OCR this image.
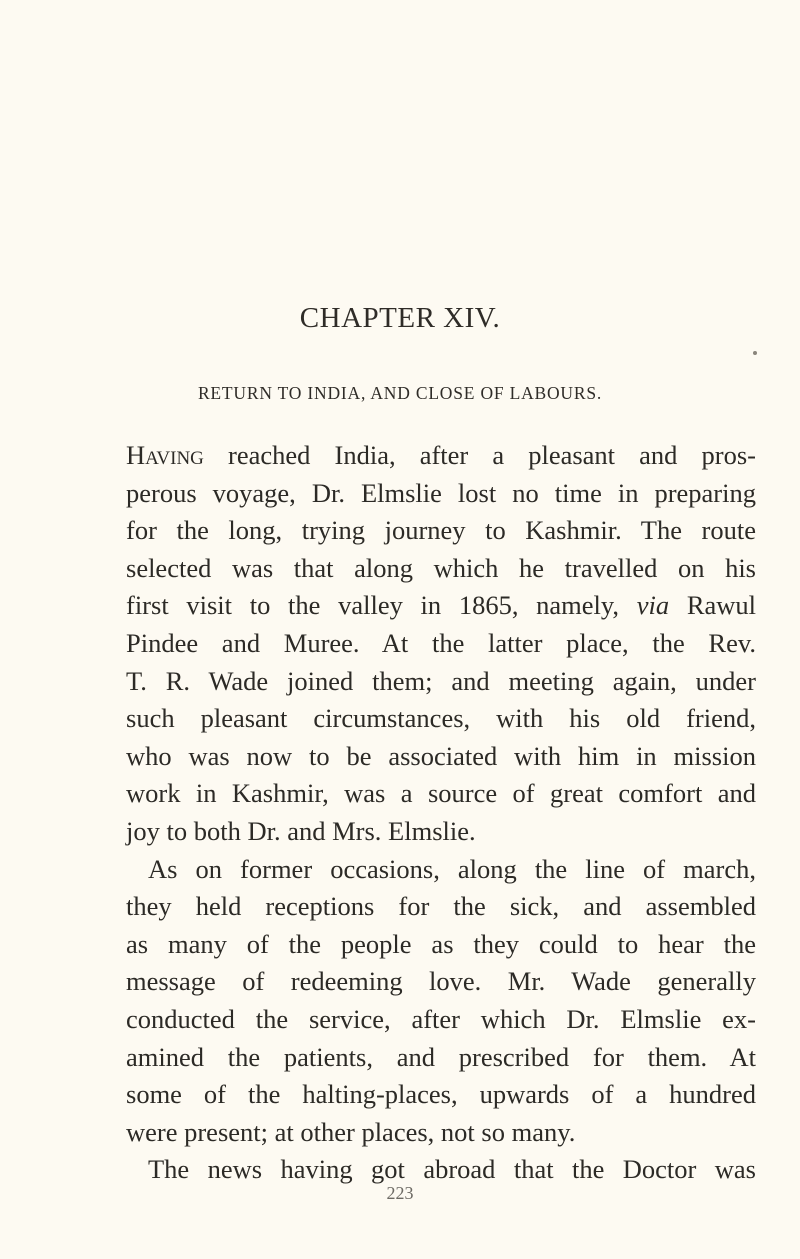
CHAPTER XIV.
RETURN TO INDIA, AND CLOSE OF LABOURS.
Having reached India, after a pleasant and pros-
perous voyage, Dr. Elmslie lost no time in preparing
for the long, trying journey to Kashmir. The route
selected was that along which he travelled on his
first visit to the valley in 1865, namely, via Rawul
Pindee and Muree. At the latter place, the Rev.
T. R. Wade joined them; and meeting again, under
such pleasant circumstances, with his old friend,
who was now to be associated with him in mission
work in Kashmir, was a source of great comfort and
joy to both Dr. and Mrs. Elmslie.
As on former occasions, along the line of march,
they held receptions for the sick, and assembled
as many of the people as they could to hear the
message of redeeming love. Mr. Wade generally
conducted the service, after which Dr. Elmslie ex-
amined the patients, and prescribed for them. At
some of the halting-places, upwards of a hundred
were present; at other places, not so many.
The news having got abroad that the Doctor was
223
